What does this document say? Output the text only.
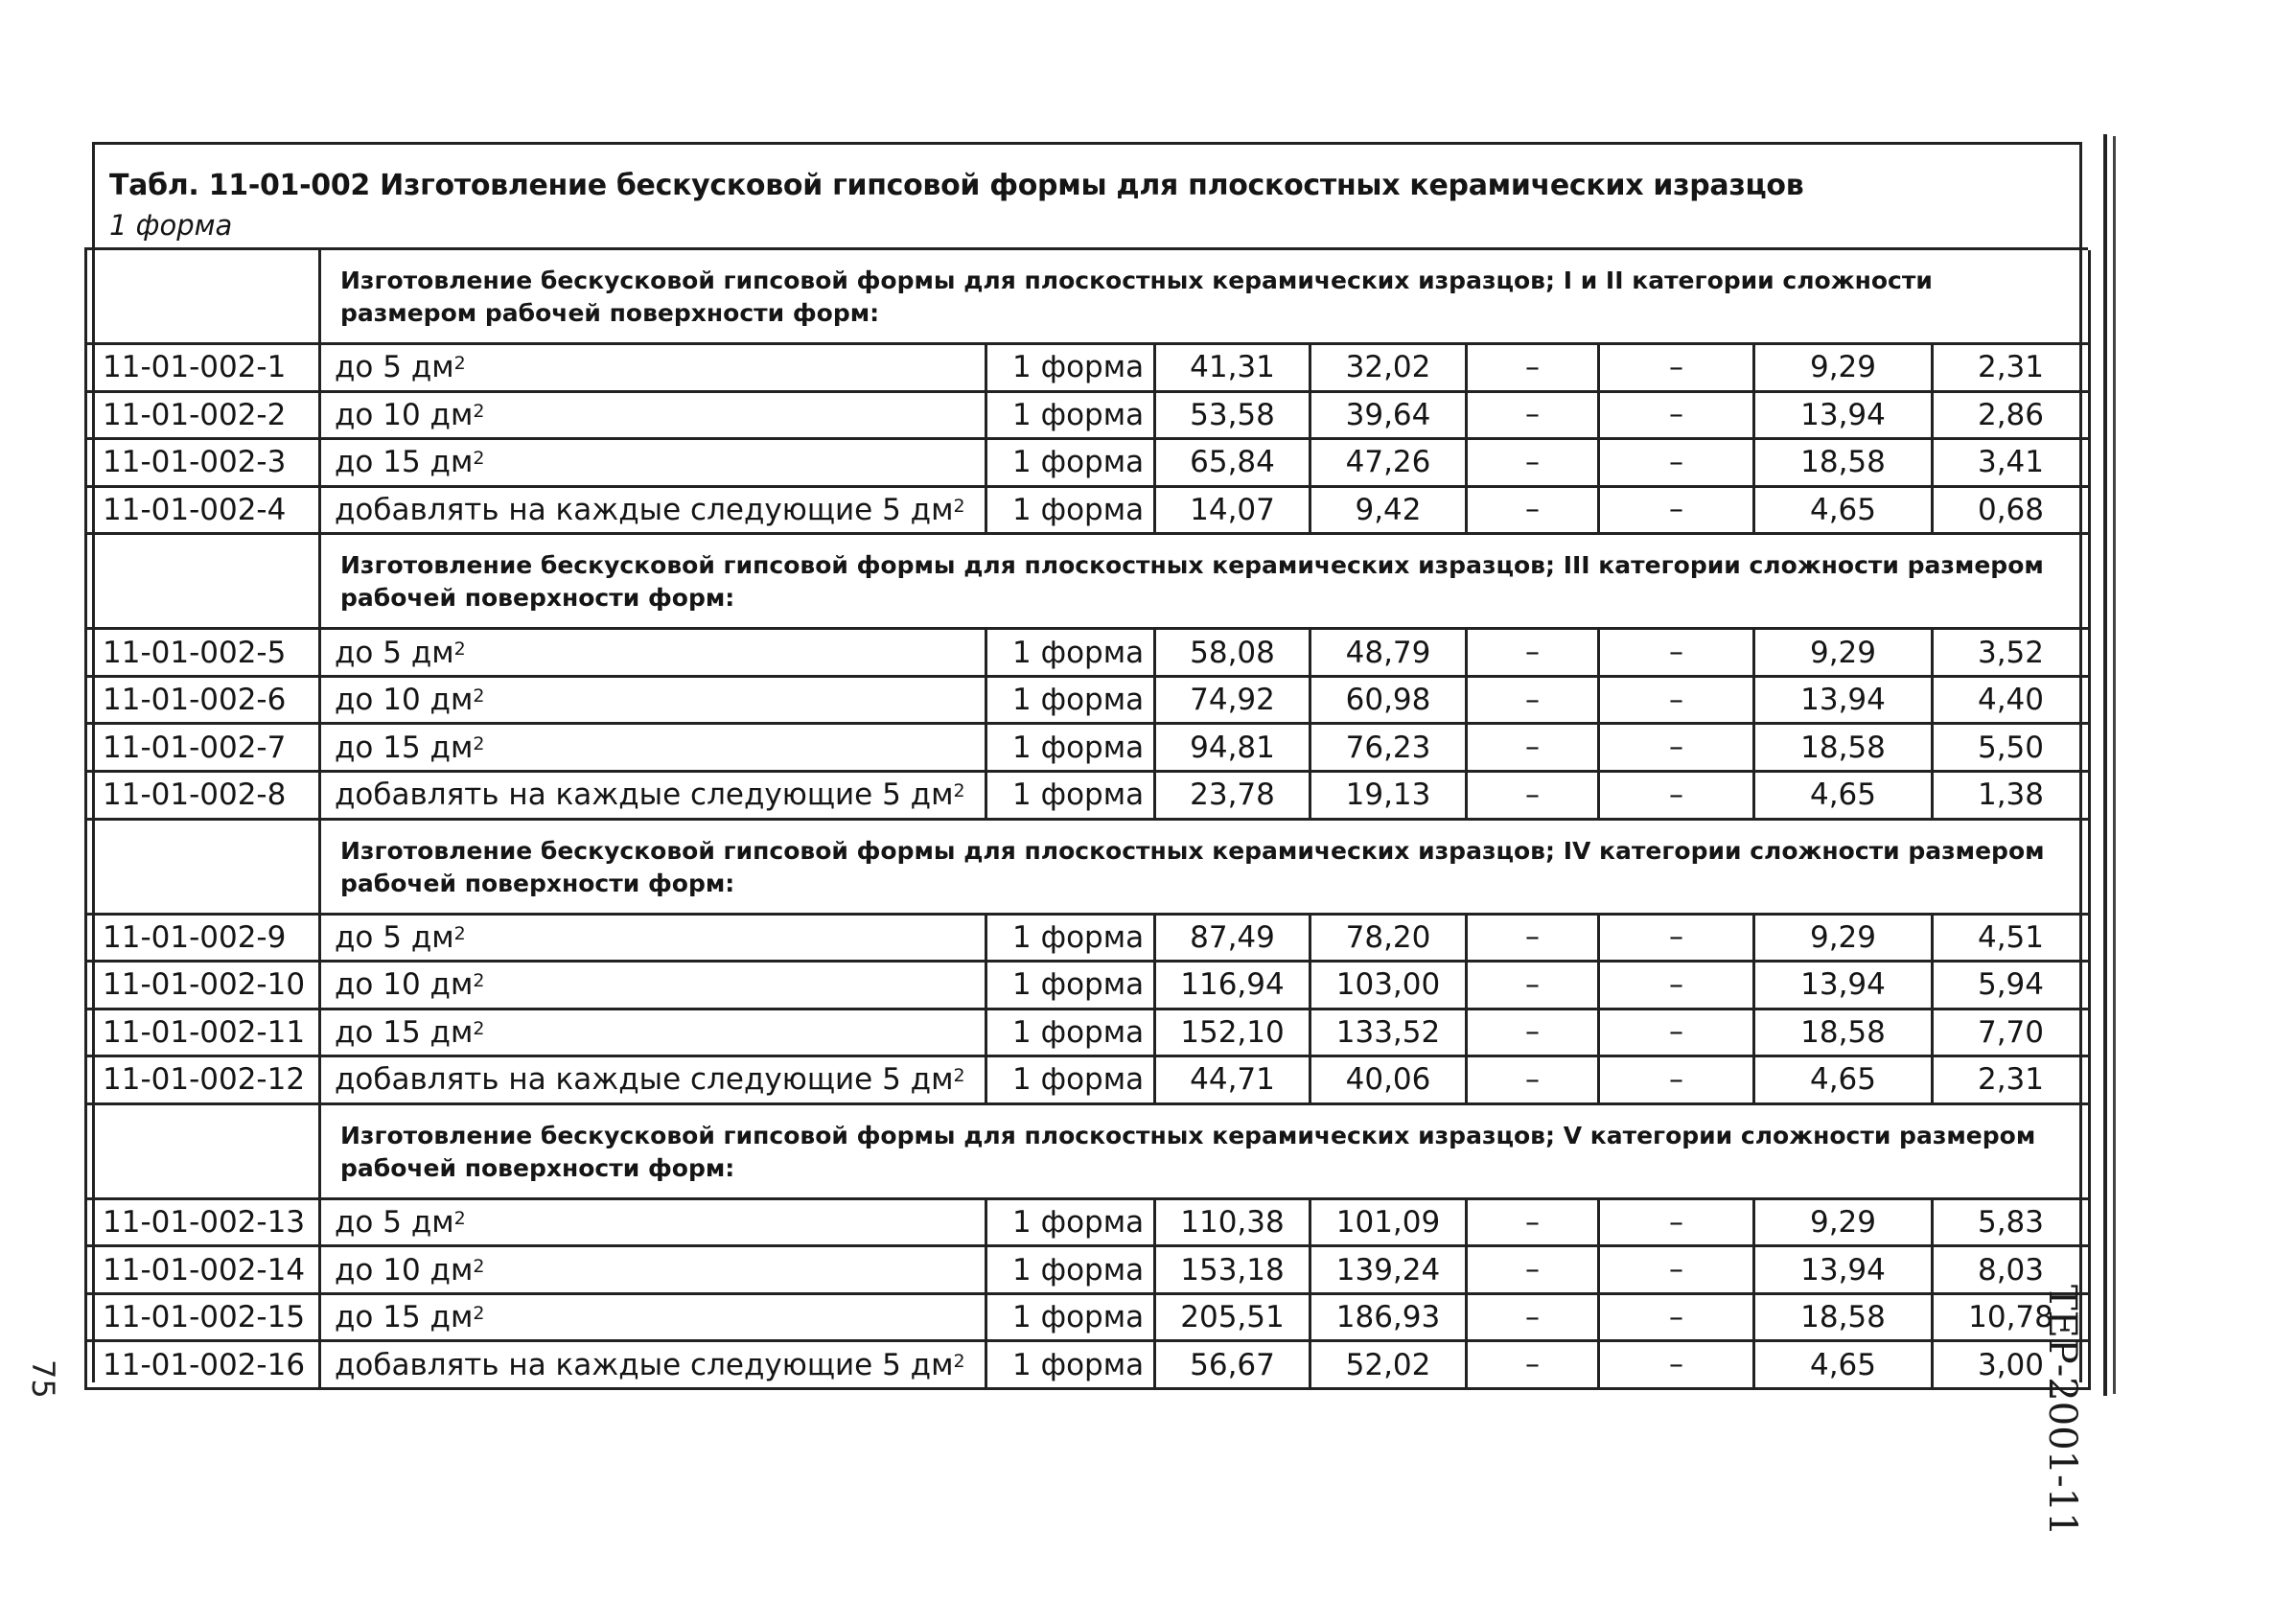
Табл. 11-01-002 Изготовление бескусковой гипсовой формы для плоскостных керамических изразцов
1 форма
Изготовление бескусковой гипсовой формы для плоскостных керамических изразцов; I и II категории сложности размером рабочей поверхности форм:
11-01-002-1	до 5 $дм^2$	1 форма	41,31	32,02	–	–	9,29	2,31
11-01-002-2	до 10 $дм^2$	1 форма	53,58	39,64	–	–	13,94	2,86
11-01-002-3	до 15 $дм^2$	1 форма	65,84	47,26	–	–	18,58	3,41
11-01-002-4	добавлять на каждые следующие 5 $дм^2$	1 форма	14,07	9,42	–	–	4,65	0,68
Изготовление бескусковой гипсовой формы для плоскостных керамических изразцов; III категории сложности размером рабочей поверхности форм:
11-01-002-5	до 5 $дм^2$	1 форма	58,08	48,79	–	–	9,29	3,52
11-01-002-6	до 10 $дм^2$	1 форма	74,92	60,98	–	–	13,94	4,40
11-01-002-7	до 15 $дм^2$	1 форма	94,81	76,23	–	–	18,58	5,50
11-01-002-8	добавлять на каждые следующие 5 $дм^2$	1 форма	23,78	19,13	–	–	4,65	1,38
Изготовление бескусковой гипсовой формы для плоскостных керамических изразцов; IV категории сложности размером рабочей поверхности форм:
11-01-002-9	до 5 $дм^2$	1 форма	87,49	78,20	–	–	9,29	4,51
11-01-002-10 до 10 $дм^2$	1 форма	116,94	103,00	–	–	13,94	5,94
11-01-002-11 до 15 $дм^2$	1 форма	152,10	133,52	–	–	18,58	7,70
11-01-002-12 добавлять на каждые следующие 5 $дм^2$	1 форма	44,71	40,06	–	–	4,65	2,31
Изготовление бескусковой гипсовой формы для плоскостных керамических изразцов; V категории сложности размером рабочей поверхности форм:
11-01-002-13 до 5 $дм^2$	1 форма	110,38	101,09	–	–	9,29	5,83
11-01-002-14 до 10 $дм^2$	1 форма	153,18	139,24	–	–	13,94	8,03
11-01-002-15 до 15 $дм^2$	1 форма	205,51	186,93	–	–	18,58	10,78
11-01-002-16 добавлять на каждые следующие 5 $дм^2$	1 форма	56,67	52,02	–	–	4,65	3,00
ТЕР-2001-11
75
